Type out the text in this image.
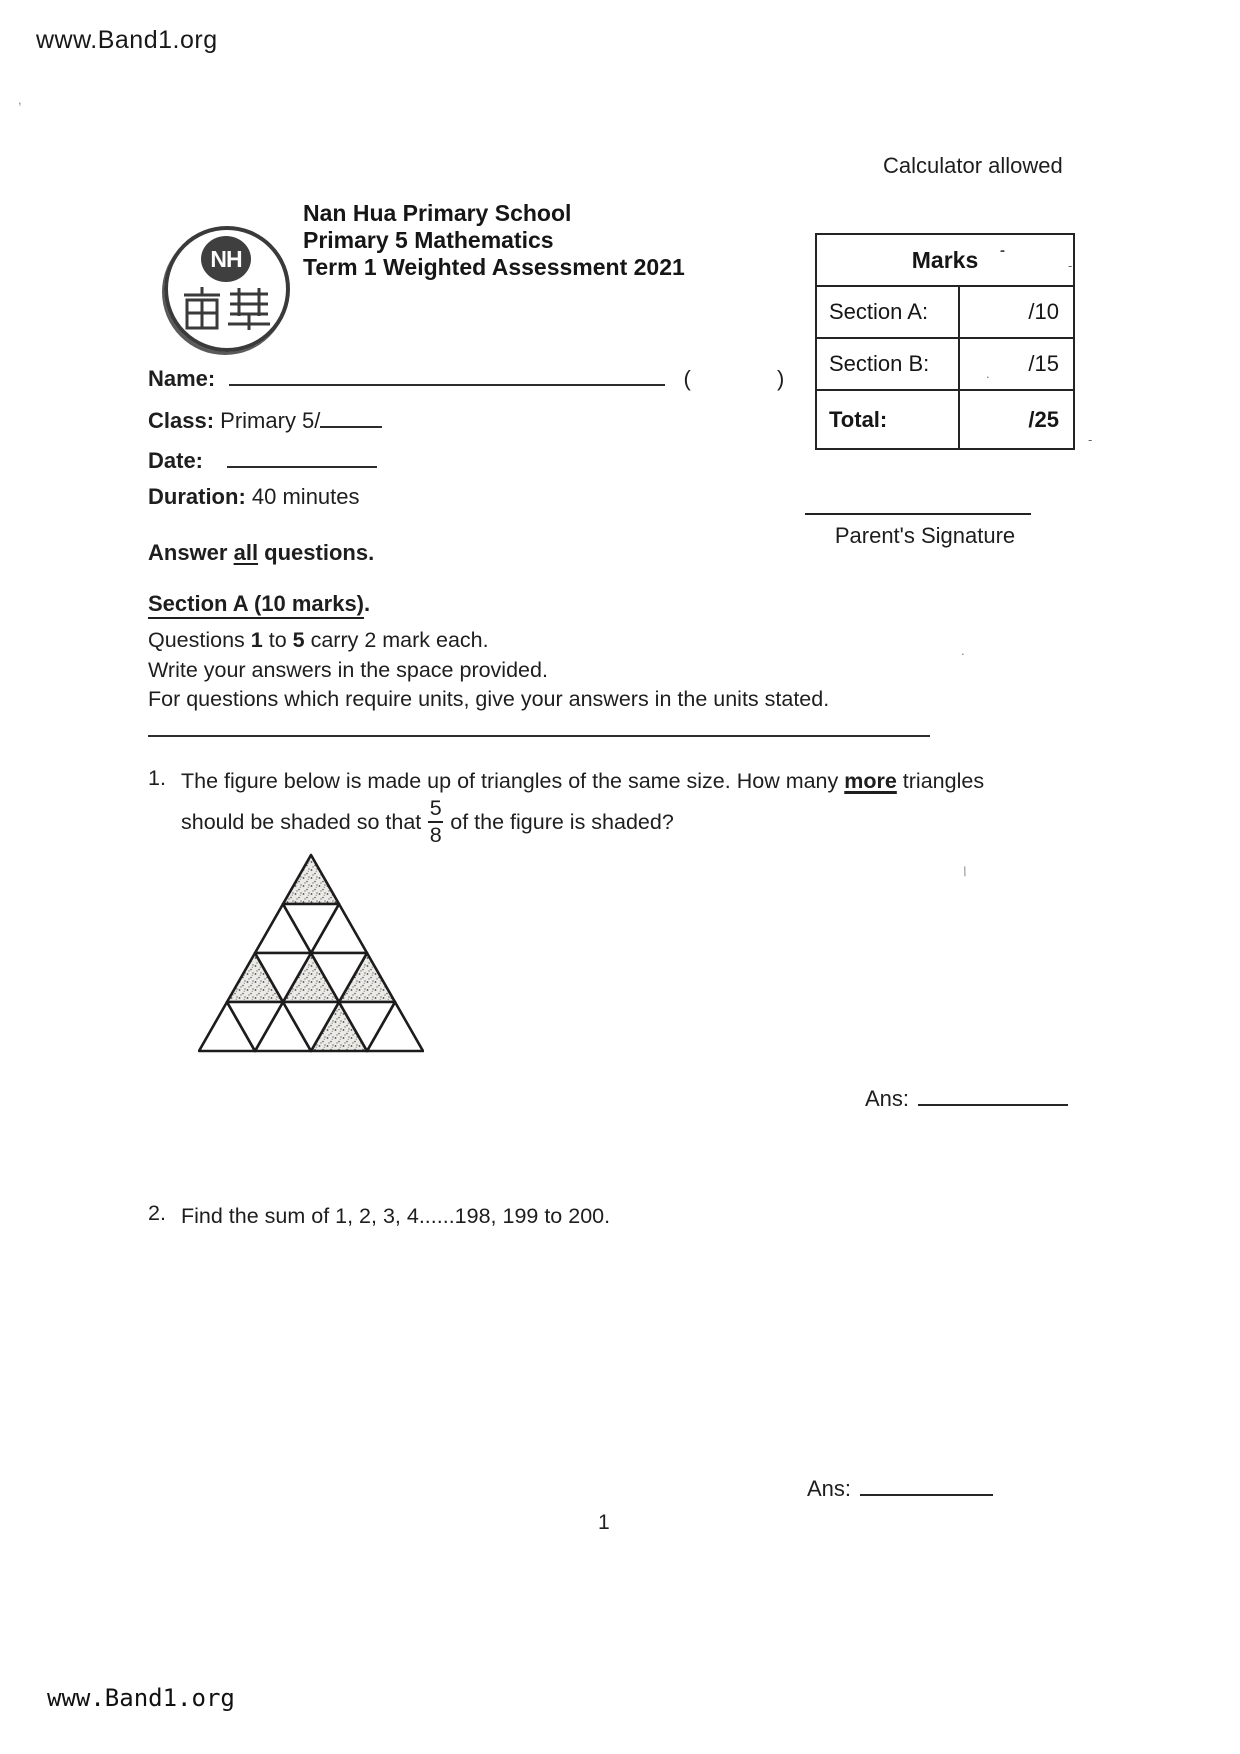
www.Band1.org
Calculator allowed
NH
Nan Hua Primary School
Primary 5 Mathematics
Term 1 Weighted Assessment 2021	Marks	
Section A:	/10
Section B:	/15
Total:	/25
Name:	(	)
Class: Primary 5/
Date:
Duration: 40 minutes
Parent's Signature
Answer all questions.
Section A (10 marks).
Questions 1 to 5 carry 2 mark each.
Write your answers in the space provided.
For questions which require units, give your answers in the units stated.
1. The figure below is made up of triangles of the same size. How many more triangles
should be shaded so that $\frac{5}{8}$ of the figure is shaded?
Ans:
2. Find the sum of 1, 2, 3, 4......198, 199 to 200.
Ans:
1
www.Band1.org
-
-
-
.
.
\
,
